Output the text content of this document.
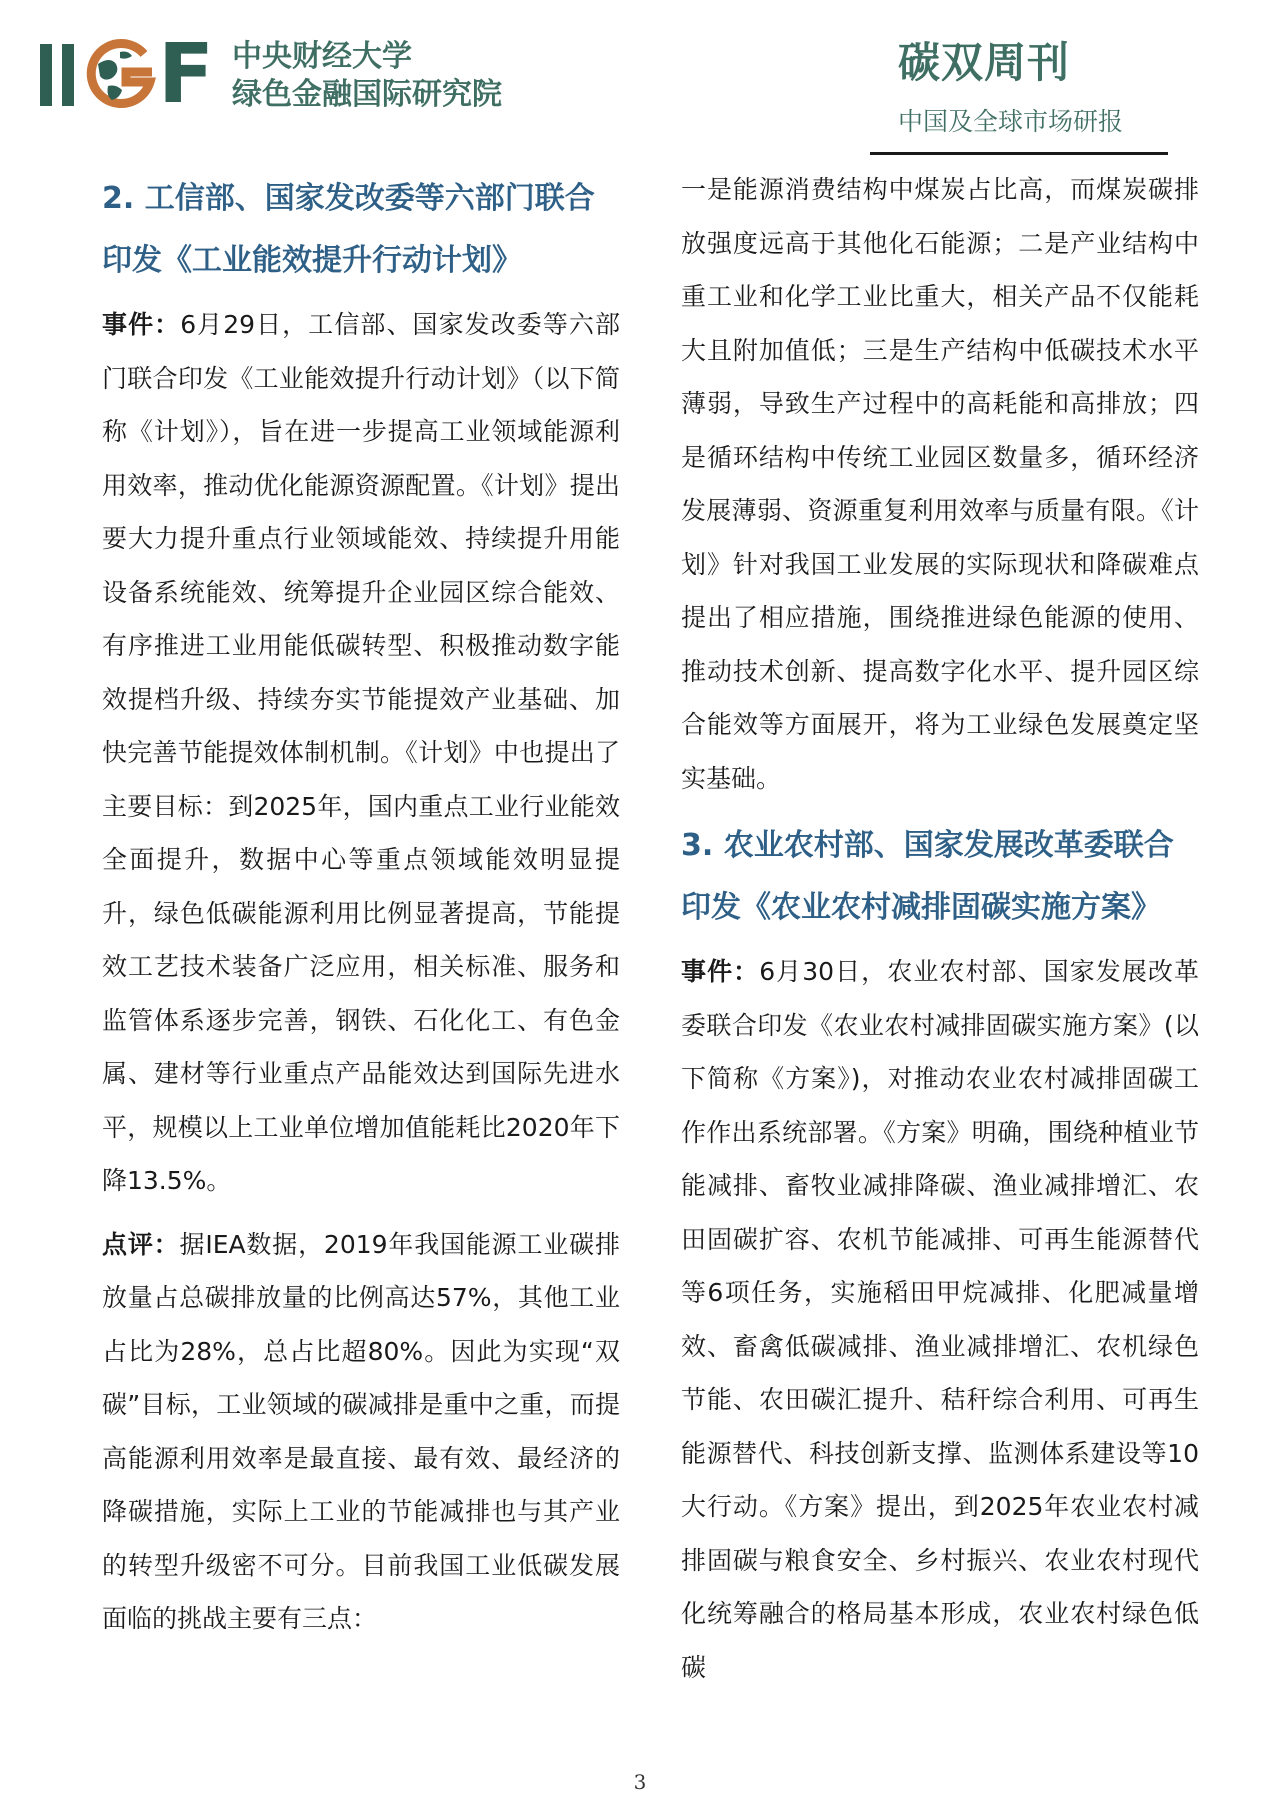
F 中央财经大学
绿色金融国际研究院
碳双周刊
中国及全球市场研报
2. 工信部、国家发改委等六部门联合印发《工业能效提升行动计划》

事件：6月29日，工信部、国家发改委等六部门联合印发《工业能效提升行动计划》（以下简称《计划》），旨在进一步提高工业领域能源利用效率，推动优化能源资源配置。《计划》提出要大力提升重点行业领域能效、持续提升用能设备系统能效、统筹提升企业园区综合能效、有序推进工业用能低碳转型、积极推动数字能效提档升级、持续夯实节能提效产业基础、加快完善节能提效体制机制。《计划》中也提出了主要目标：到2025年，国内重点工业行业能效全面提升，数据中心等重点领域能效明显提升，绿色低碳能源利用比例显著提高，节能提效工艺技术装备广泛应用，相关标准、服务和监管体系逐步完善，钢铁、石化化工、有色金属、建材等行业重点产品能效达到国际先进水平，规模以上工业单位增加值能耗比2020年下降13.5%。

点评：据IEA数据，2019年我国能源工业碳排放量占总碳排放量的比例高达57%，其他工业占比为28%，总占比超80%。因此为实现“双碳”目标，工业领域的碳减排是重中之重，而提高能源利用效率是最直接、最有效、最经济的降碳措施，实际上工业的节能减排也与其产业的转型升级密不可分。目前我国工业低碳发展面临的挑战主要有三点：

一是能源消费结构中煤炭占比高，而煤炭碳排放强度远高于其他化石能源；二是产业结构中重工业和化学工业比重大，相关产品不仅能耗大且附加值低；三是生产结构中低碳技术水平薄弱，导致生产过程中的高耗能和高排放；四是循环结构中传统工业园区数量多，循环经济发展薄弱、资源重复利用效率与质量有限。《计划》针对我国工业发展的实际现状和降碳难点提出了相应措施，围绕推进绿色能源的使用、推动技术创新、提高数字化水平、提升园区综合能效等方面展开，将为工业绿色发展奠定坚实基础。

3. 农业农村部、国家发展改革委联合印发《农业农村减排固碳实施方案》

事件：6月30日，农业农村部、国家发展改革委联合印发《农业农村减排固碳实施方案》(以下简称《方案》)，对推动农业农村减排固碳工作作出系统部署。《方案》明确，围绕种植业节能减排、畜牧业减排降碳、渔业减排增汇、农田固碳扩容、农机节能减排、可再生能源替代等6项任务，实施稻田甲烷减排、化肥减量增效、畜禽低碳减排、渔业减排增汇、农机绿色节能、农田碳汇提升、秸秆综合利用、可再生能源替代、科技创新支撑、监测体系建设等10大行动。《方案》提出，到2025年农业农村减排固碳与粮食安全、乡村振兴、农业农村现代化统筹融合的格局基本形成，农业农村绿色低碳

3
